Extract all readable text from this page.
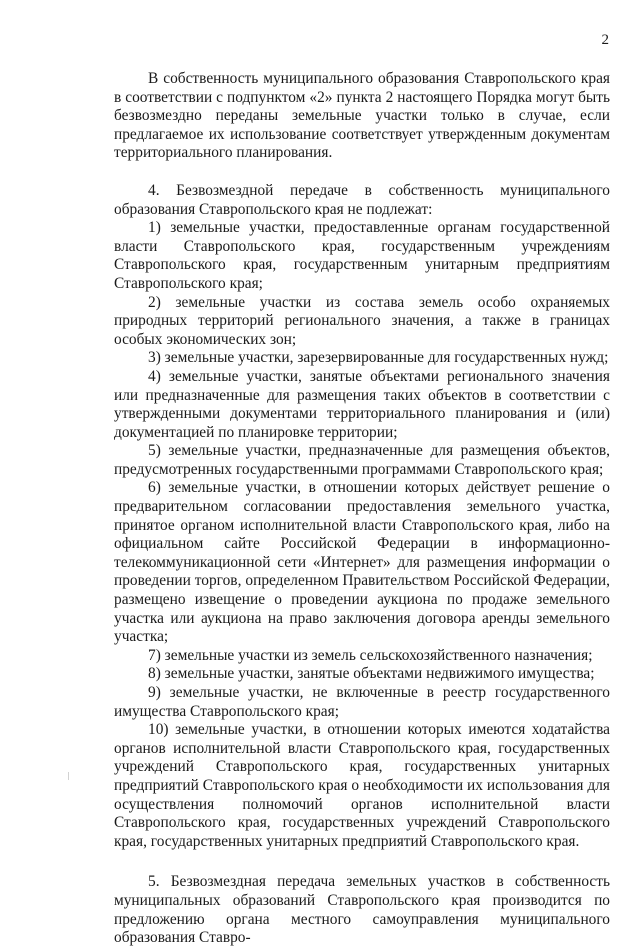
2

В собственность муниципального образования Ставропольского края в соответствии с подпунктом «2» пункта 2 настоящего Порядка могут быть безвозмездно переданы земельные участки только в случае, если предлагаемое их использование соответствует утвержденным документам территориального планирования.

4. Безвозмездной передаче в собственность муниципального образования Ставропольского края не подлежат:

1) земельные участки, предоставленные органам государственной власти Ставропольского края, государственным учреждениям Ставропольского края, государственным унитарным предприятиям Ставропольского края;

2) земельные участки из состава земель особо охраняемых природных территорий регионального значения, а также в границах особых экономических зон;

3) земельные участки, зарезервированные для государственных нужд;

4) земельные участки, занятые объектами регионального значения или предназначенные для размещения таких объектов в соответствии с утвержденными документами территориального планирования и (или) документацией по планировке территории;

5) земельные участки, предназначенные для размещения объектов, предусмотренных государственными программами Ставропольского края;

6) земельные участки, в отношении которых действует решение о предварительном согласовании предоставления земельного участка, принятое органом исполнительной власти Ставропольского края, либо на официальном сайте Российской Федерации в информационно-телекоммуникационной сети «Интернет» для размещения информации о проведении торгов, определенном Правительством Российской Федерации, размещено извещение о проведении аукциона по продаже земельного участка или аукциона на право заключения договора аренды земельного участка;

7) земельные участки из земель сельскохозяйственного назначения;

8) земельные участки, занятые объектами недвижимого имущества;

9) земельные участки, не включенные в реестр государственного имущества Ставропольского края;

10) земельные участки, в отношении которых имеются ходатайства органов исполнительной власти Ставропольского края, государственных учреждений Ставропольского края, государственных унитарных предприятий Ставропольского края о необходимости их использования для осуществления полномочий органов исполнительной власти Ставропольского края, государственных учреждений Ставропольского края, государственных унитарных предприятий Ставропольского края.

5. Безвозмездная передача земельных участков в собственность муниципальных образований Ставропольского края производится по предложению органа местного самоуправления муниципального образования Ставро-
